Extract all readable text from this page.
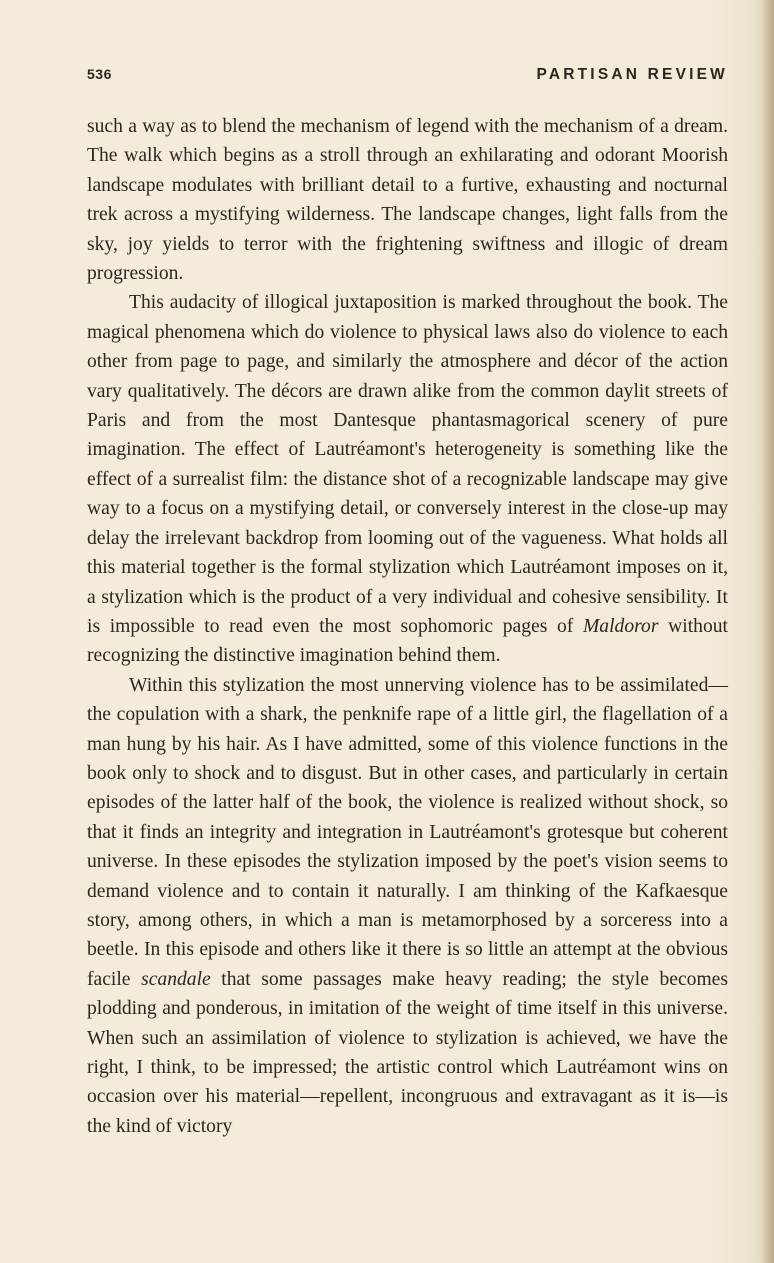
536	PARTISAN REVIEW

such a way as to blend the mechanism of legend with the mechanism of a dream. The walk which begins as a stroll through an exhilarating and odorant Moorish landscape modulates with brilliant detail to a furtive, exhausting and nocturnal trek across a mystifying wilderness. The landscape changes, light falls from the sky, joy yields to terror with the frightening swiftness and illogic of dream progression.

This audacity of illogical juxtaposition is marked throughout the book. The magical phenomena which do violence to physical laws also do violence to each other from page to page, and similarly the atmosphere and décor of the action vary qualitatively. The décors are drawn alike from the common daylit streets of Paris and from the most Dantesque phantasmagorical scenery of pure imagination. The effect of Lautréamont's heterogeneity is something like the effect of a surrealist film: the distance shot of a recognizable landscape may give way to a focus on a mystifying detail, or conversely interest in the close-up may delay the irrelevant backdrop from looming out of the vagueness. What holds all this material together is the formal stylization which Lautréamont imposes on it, a stylization which is the product of a very individual and cohesive sensibility. It is impossible to read even the most sophomoric pages of Maldoror without recognizing the distinctive imagination behind them.

Within this stylization the most unnerving violence has to be assimilated—the copulation with a shark, the penknife rape of a little girl, the flagellation of a man hung by his hair. As I have admitted, some of this violence functions in the book only to shock and to disgust. But in other cases, and particularly in certain episodes of the latter half of the book, the violence is realized without shock, so that it finds an integrity and integration in Lautréamont's grotesque but coherent universe. In these episodes the stylization imposed by the poet's vision seems to demand violence and to contain it naturally. I am thinking of the Kafkaesque story, among others, in which a man is metamorphosed by a sorceress into a beetle. In this episode and others like it there is so little an attempt at the obvious facile scandale that some passages make heavy reading; the style becomes plodding and ponderous, in imitation of the weight of time itself in this universe. When such an assimilation of violence to stylization is achieved, we have the right, I think, to be impressed; the artistic control which Lautréamont wins on occasion over his material—repellent, incongruous and extravagant as it is—is the kind of victory
